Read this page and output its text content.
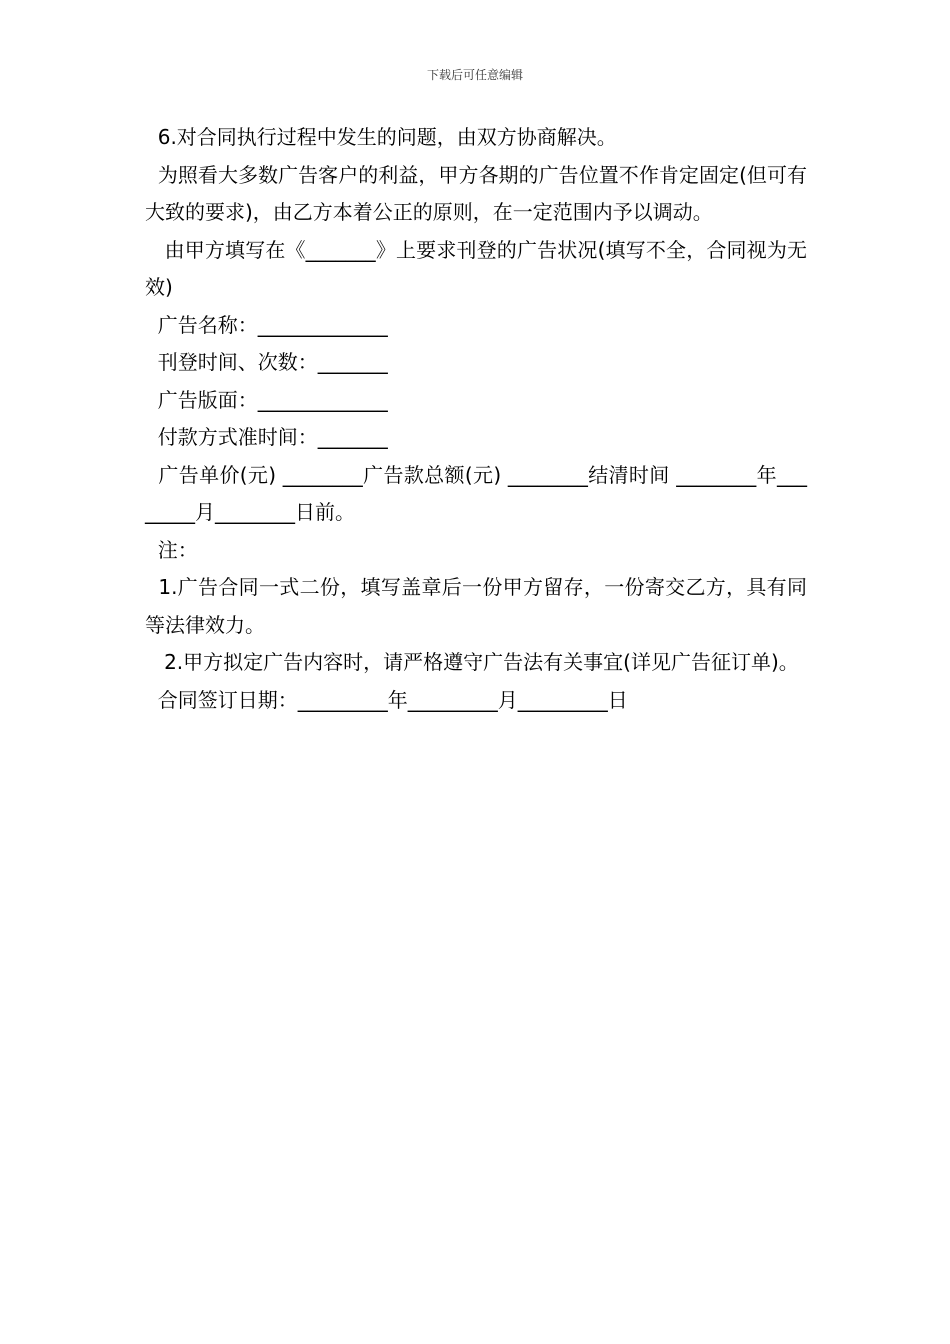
下载后可任意编辑

6.对合同执行过程中发生的问题，由双方协商解决。

为照看大多数广告客户的利益，甲方各期的广告位置不作肯定固定(但可有大致的要求)，由乙方本着公正的原则，在一定范围内予以调动。

由甲方填写在《_______》上要求刊登的广告状况(填写不全，合同视为无效)

广告名称：_____________

刊登时间、次数：_______

广告版面：_____________

付款方式准时间：_______

广告单价(元) ________广告款总额(元) ________结清时间 ________年________月________日前。

注：

1.广告合同一式二份，填写盖章后一份甲方留存，一份寄交乙方，具有同等法律效力。

2.甲方拟定广告内容时，请严格遵守广告法有关事宜(详见广告征订单)。

合同签订日期：_________年_________月_________日
